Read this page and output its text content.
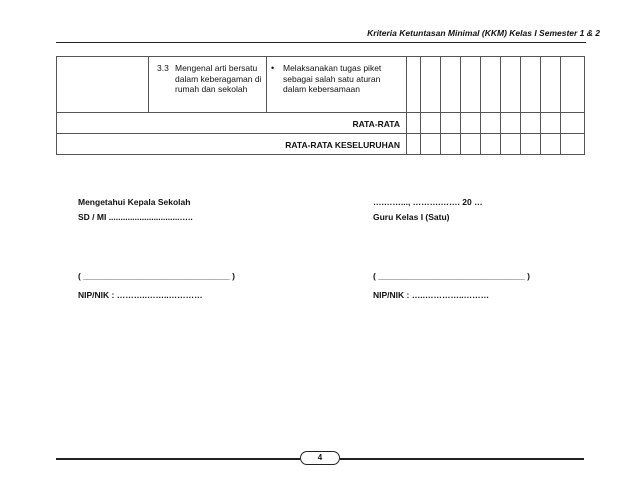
Kriteria Ketuntasan Minimal (KKM) Kelas I Semester 1 & 2

	3.3 Mengenal arti bersatu dalam keberagaman di rumah dan sekolah	• Melaksanakan tugas piket sebagai salah satu aturan dalam kebersamaan									

RATA-RATA											
RATA-RATA KESELURUHAN											
Mengetahui Kepala Sekolah
SD / MI ..............................…..
( _______________________________ )
NIP/NIK : ………..……..…………
….……..., ……….……. 20 …
Guru Kelas I (Satu)
( _______________________________ )
NIP/NIK : …..…………..………
4
